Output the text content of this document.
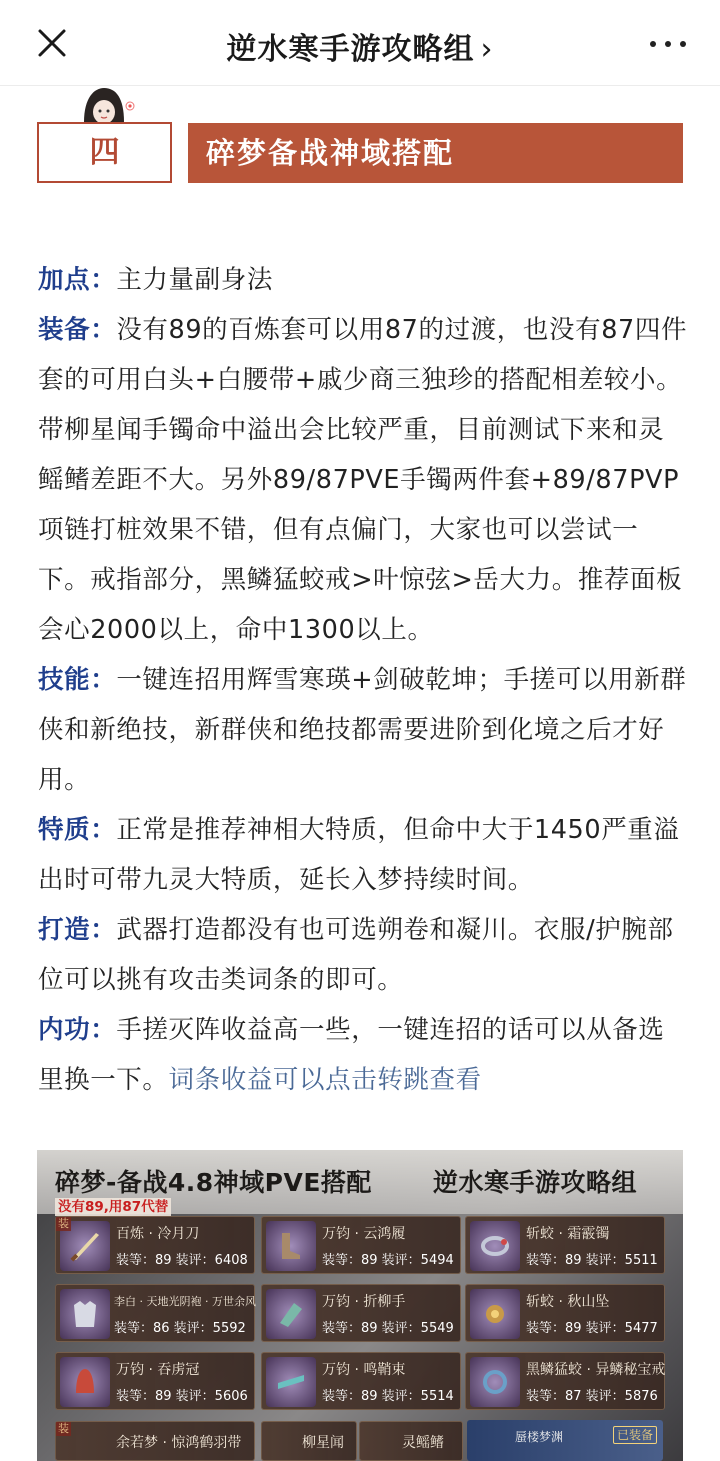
逆水寒手游攻略组 ›
四	碎梦备战神域搭配

加点：主力量副身法

装备：没有89的百炼套可以用87的过渡，也没有87四件套的可用白头+白腰带+戚少商三独珍的搭配相差较小。带柳星闻手镯命中溢出会比较严重，目前测试下来和灵鳐鳍差距不大。另外89/87PVE手镯两件套+89/87PVP项链打桩效果不错，但有点偏门，大家也可以尝试一下。戒指部分，黑鳞猛蛟戒>叶惊弦>岳大力。推荐面板会心2000以上，命中1300以上。

技能：一键连招用辉雪寒瑛+剑破乾坤；手搓可以用新群侠和新绝技，新群侠和绝技都需要进阶到化境之后才好用。

特质：正常是推荐神相大特质，但命中大于1450严重溢出时可带九灵大特质，延长入梦持续时间。

打造：武器打造都没有也可选朔卷和凝川。衣服/护腕部位可以挑有攻击类词条的即可。

内功：手搓灭阵收益高一些，一键连招的话可以从备选里换一下。词条收益可以点击转跳查看

碎梦-备战4.8神域PVE搭配 逆水寒手游攻略组
没有89,用87代替
装
百炼 · 冷月刀
装等：89 装评：6408
万钧 · 云鸿履
装等：89 装评：5494
斩蛟 · 霜霰镯
装等：89 装评：5511
李白 · 天地光阴袍 · 万世余风
装等：86 装评：5592
万钧 · 折柳手
装等：89 装评：5549
斩蛟 · 秋山坠
装等：89 装评：5477
万钧 · 吞虏冠
装等：89 装评：5606
万钧 · 鸣鞘束
装等：89 装评：5514
黑鳞猛蛟 · 异鳞秘宝戒
装等：87 装评：5876
装
余若梦 · 惊鸿鹤羽带	柳星闻	灵鳐鳍	蜃楼梦渊	已装备
